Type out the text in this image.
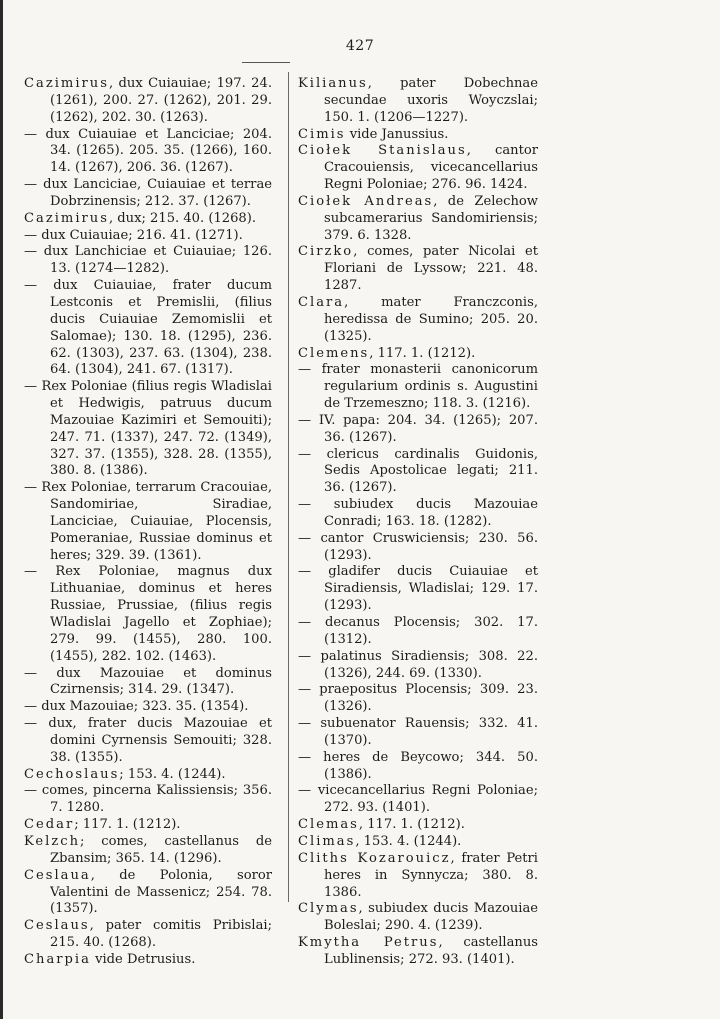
427
Cazimirus, dux Cuiauiae; 197. 24. (1261), 200. 27. (1262), 201. 29. (1262), 202. 30. (1263).
— dux Cuiauiae et Lanciciae; 204. 34. (1265). 205. 35. (1266), 160. 14. (1267), 206. 36. (1267).
— dux Lanciciae, Cuiauiae et terrae Dobrzinensis; 212. 37. (1267).
Cazimirus, dux; 215. 40. (1268).
— dux Cuiauiae; 216. 41. (1271).
— dux Lanchiciae et Cuiauiae; 126. 13. (1274—1282).
— dux Cuiauiae, frater ducum Lestconis et Premislii, (filius ducis Cuiauiae Zemomislii et Salomae); 130. 18. (1295), 236. 62. (1303), 237. 63. (1304), 238. 64. (1304), 241. 67. (1317).
— Rex Poloniae (filius regis Wladislai et Hedwigis, patruus ducum Mazouiae Kazimiri et Semouiti); 247. 71. (1337), 247. 72. (1349), 327. 37. (1355), 328. 28. (1355), 380. 8. (1386).
— Rex Poloniae, terrarum Cracouiae, Sandomiriae, Siradiae, Lanciciae, Cuiauiae, Plocensis, Pomeraniae, Russiae dominus et heres; 329. 39. (1361).
— Rex Poloniae, magnus dux Lithuaniae, dominus et heres Russiae, Prussiae, (filius regis Wladislai Jagello et Zophiae); 279. 99. (1455), 280. 100. (1455), 282. 102. (1463).
— dux Mazouiae et dominus Czirnensis; 314. 29. (1347).
— dux Mazouiae; 323. 35. (1354).
— dux, frater ducis Mazouiae et domini Cyrnensis Semouiti; 328. 38. (1355).
Cechoslaus; 153. 4. (1244).
— comes, pincerna Kalissiensis; 356. 7. 1280.
Cedar; 117. 1. (1212).
Kelzch; comes, castellanus de Zbansim; 365. 14. (1296).
Ceslaua, de Polonia, soror Valentini de Massenicz; 254. 78. (1357).
Ceslaus, pater comitis Pribislai; 215. 40. (1268).
Charpia vide Detrusius.
Kilianus, pater Dobechnae secundae uxoris Woyczslai; 150. 1. (1206—1227).
Cimis vide Janussius.
Ciołek Stanislaus, cantor Cracouiensis, vicecancellarius Regni Poloniae; 276. 96. 1424.
Ciołek Andreas, de Zelechow subcamerarius Sandomiriensis; 379. 6. 1328.
Cirzko, comes, pater Nicolai et Floriani de Lyssow; 221. 48. 1287.
Clara, mater Franczconis, heredissa de Sumino; 205. 20. (1325).
Clemens, 117. 1. (1212).
— frater monasterii canonicorum regularium ordinis s. Augustini de Trzemeszno; 118. 3. (1216).
— IV. papa: 204. 34. (1265); 207. 36. (1267).
— clericus cardinalis Guidonis, Sedis Apostolicae legati; 211. 36. (1267).
— subiudex ducis Mazouiae Conradi; 163. 18. (1282).
— cantor Cruswiciensis; 230. 56. (1293).
— gladifer ducis Cuiauiae et Siradiensis, Wladislai; 129. 17. (1293).
— decanus Plocensis; 302. 17. (1312).
— palatinus Siradiensis; 308. 22. (1326), 244. 69. (1330).
— praepositus Plocensis; 309. 23. (1326).
— subuenator Rauensis; 332. 41. (1370).
— heres de Beycowo; 344. 50. (1386).
— vicecancellarius Regni Poloniae; 272. 93. (1401).
Clemas, 117. 1. (1212).
Climas, 153. 4. (1244).
Cliths Kozarouicz, frater Petri heres in Synnycza; 380. 8. 1386.
Clymas, subiudex ducis Mazouiae Boleslai; 290. 4. (1239).
Kmytha Petrus, castellanus Lublinensis; 272. 93. (1401).
